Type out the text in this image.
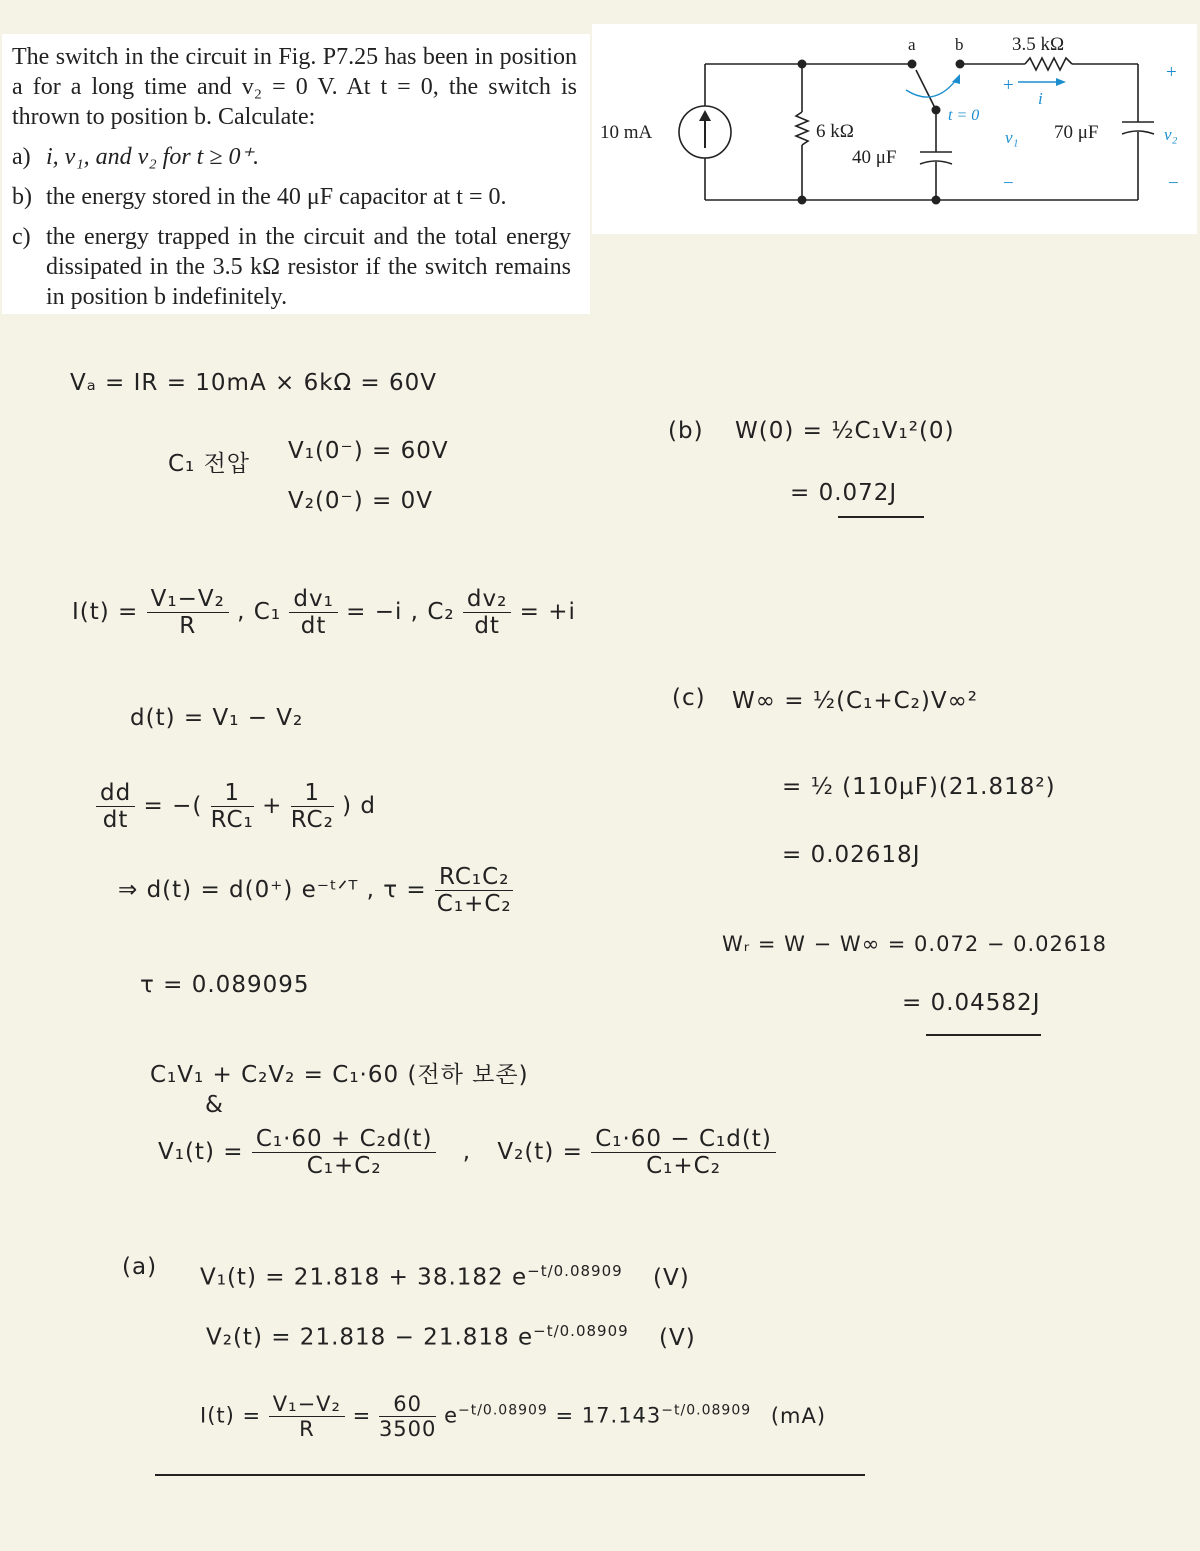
The switch in the circuit in Fig. P7.25 has been in position a for a long time and v₂ = 0 V. At t = 0, the switch is thrown to position b. Calculate:
a) i, v₁, and v₂ for t ≥ 0⁺.
b) the energy stored in the 40 μF capacitor at t = 0.
c) the energy trapped in the circuit and the total energy dissipated in the 3.5 kΩ resistor if the switch remains in position b indefinitely.
10 mA	6 kΩ
40 μF
a b	3.5 kΩ
t = 0
+
−
v₁
i
70 μF
+
v₂
−
Vₐ = IR = 10mA × 6kΩ = 60V
C₁ 전압 V₁(0⁻) = 60V
V₂(0⁻) = 0V
$I(t) = \frac{\text{V₁−V₂}}{R}$ , $C_1 \frac{\text{dv₁}}{dt} = -i$ , $C_2 \frac{\text{dv₂}}{dt} = +i$
d(t) = V₁ − V₂
$\frac{dd}{dt}$ = −( $\frac{1}{\text{RC₁}} + \frac{1}{\text{RC₂}}$ ) d
⇒ d(t) = d(0⁺) e⁻ᵗᐟᵀ , $\tau = \frac{\text{RC₁C₂}}{\text{C₁+C₂}}$
τ = 0.089095
C₁V₁ + C₂V₂ = C₁·60 (전하 보존)
&
$V_1(t) = \frac{\text{C₁·60 + C₂d(t)}}{\text{C₁+C₂}}$ , $V_2(t) = \frac{\text{C₁·60 − C₁d(t)}}{\text{C₁+C₂}}$
(a) V₁(t) = 21.818 + 38.182 $e^{-t/0.08909}$ (V)
V₂(t) = 21.818 − 21.818 $e^{-t/0.08909}$ (V)
$I(t) = \frac{\text{V₁−V₂}}{R} = \frac{60}{3500} e^{-t/0.08909} = 17.143^{-t/0.08909}$ (mA)
(b) W(0) = ½C₁V₁²(0)
= 0.072J
(c) W∞ = ½(C₁+C₂)V∞²
= ½ (110μF)(21.818²)
= 0.02618J
Wᵣ = W − W∞ = 0.072 − 0.02618
= 0.04582J
